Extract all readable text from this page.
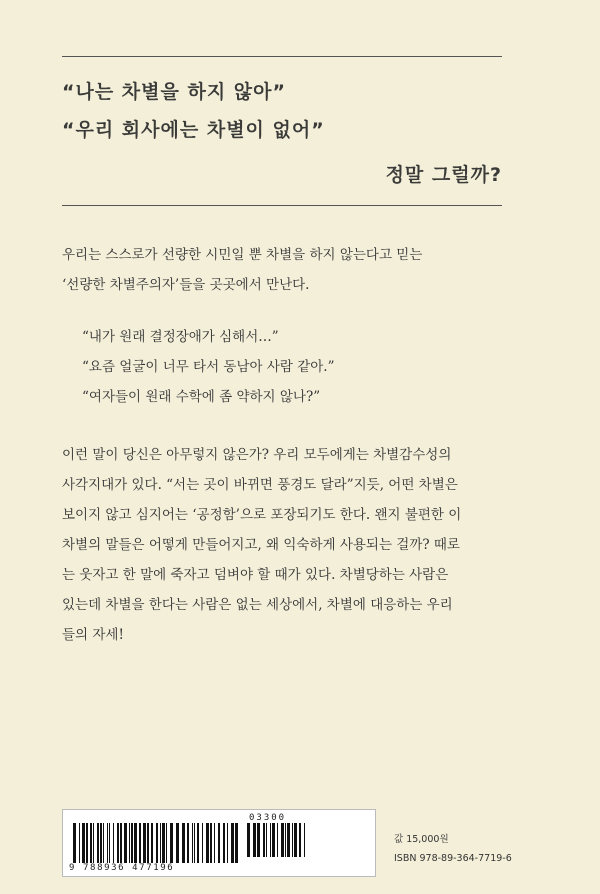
“나는 차별을 하지 않아”
“우리 회사에는 차별이 없어”
정말 그럴까?
우리는 스스로가 선량한 시민일 뿐 차별을 하지 않는다고 믿는
‘선량한 차별주의자’들을 곳곳에서 만난다.
“내가 원래 결정장애가 심해서…”
“요즘 얼굴이 너무 타서 동남아 사람 같아.”
“여자들이 원래 수학에 좀 약하지 않나?”
이런 말이 당신은 아무렇지 않은가? 우리 모두에게는 차별감수성의
사각지대가 있다. “서는 곳이 바뀌면 풍경도 달라”지듯, 어떤 차별은
보이지 않고 심지어는 ‘공정함’으로 포장되기도 한다. 왠지 불편한 이
차별의 말들은 어떻게 만들어지고, 왜 익숙하게 사용되는 걸까? 때로
는 웃자고 한 말에 죽자고 덤벼야 할 때가 있다. 차별당하는 사람은
있는데 차별을 한다는 사람은 없는 세상에서, 차별에 대응하는 우리
들의 자세!
03300
9 788936 477196
값 15,000원
ISBN 978-89-364-7719-6
